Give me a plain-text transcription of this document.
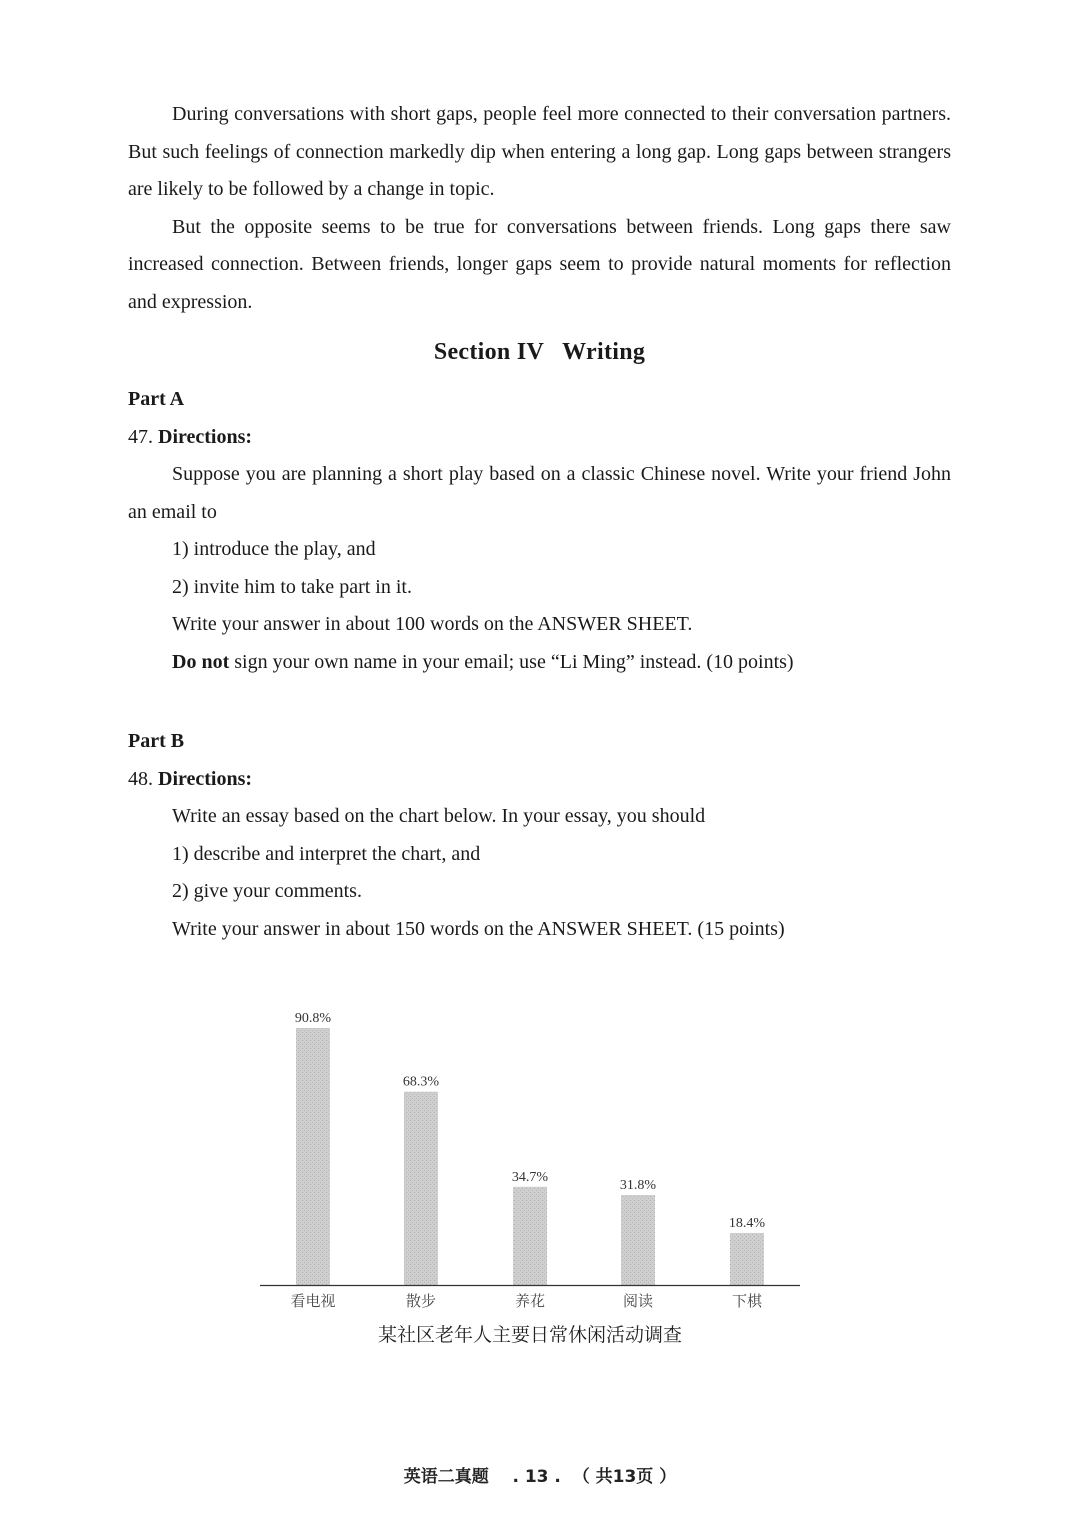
During conversations with short gaps, people feel more connected to their conversation partners. But such feelings of connection markedly dip when entering a long gap. Long gaps between strangers are likely to be followed by a change in topic.

But the opposite seems to be true for conversations between friends. Long gaps there saw increased connection. Between friends, longer gaps seem to provide natural moments for reflection and expression.

Section IV   Writing
Part A

47. Directions:

Suppose you are planning a short play based on a classic Chinese novel. Write your friend John an email to

1) introduce the play, and

2) invite him to take part in it.

Write your answer in about 100 words on the ANSWER SHEET.

Do not sign your own name in your email; use “Li Ming” instead. (10 points)

Part B

48. Directions:

Write an essay based on the chart below. In your essay, you should

1) describe and interpret the chart, and

2) give your comments.

Write your answer in about 150 words on the ANSWER SHEET. (15 points)

90.8%
看电视
68.3%
散步
34.7%
养花
31.8%
阅读
18.4%
下棋
某社区老年人主要日常休闲活动调查
英语二真题 . 13 . （ 共13页 ）
